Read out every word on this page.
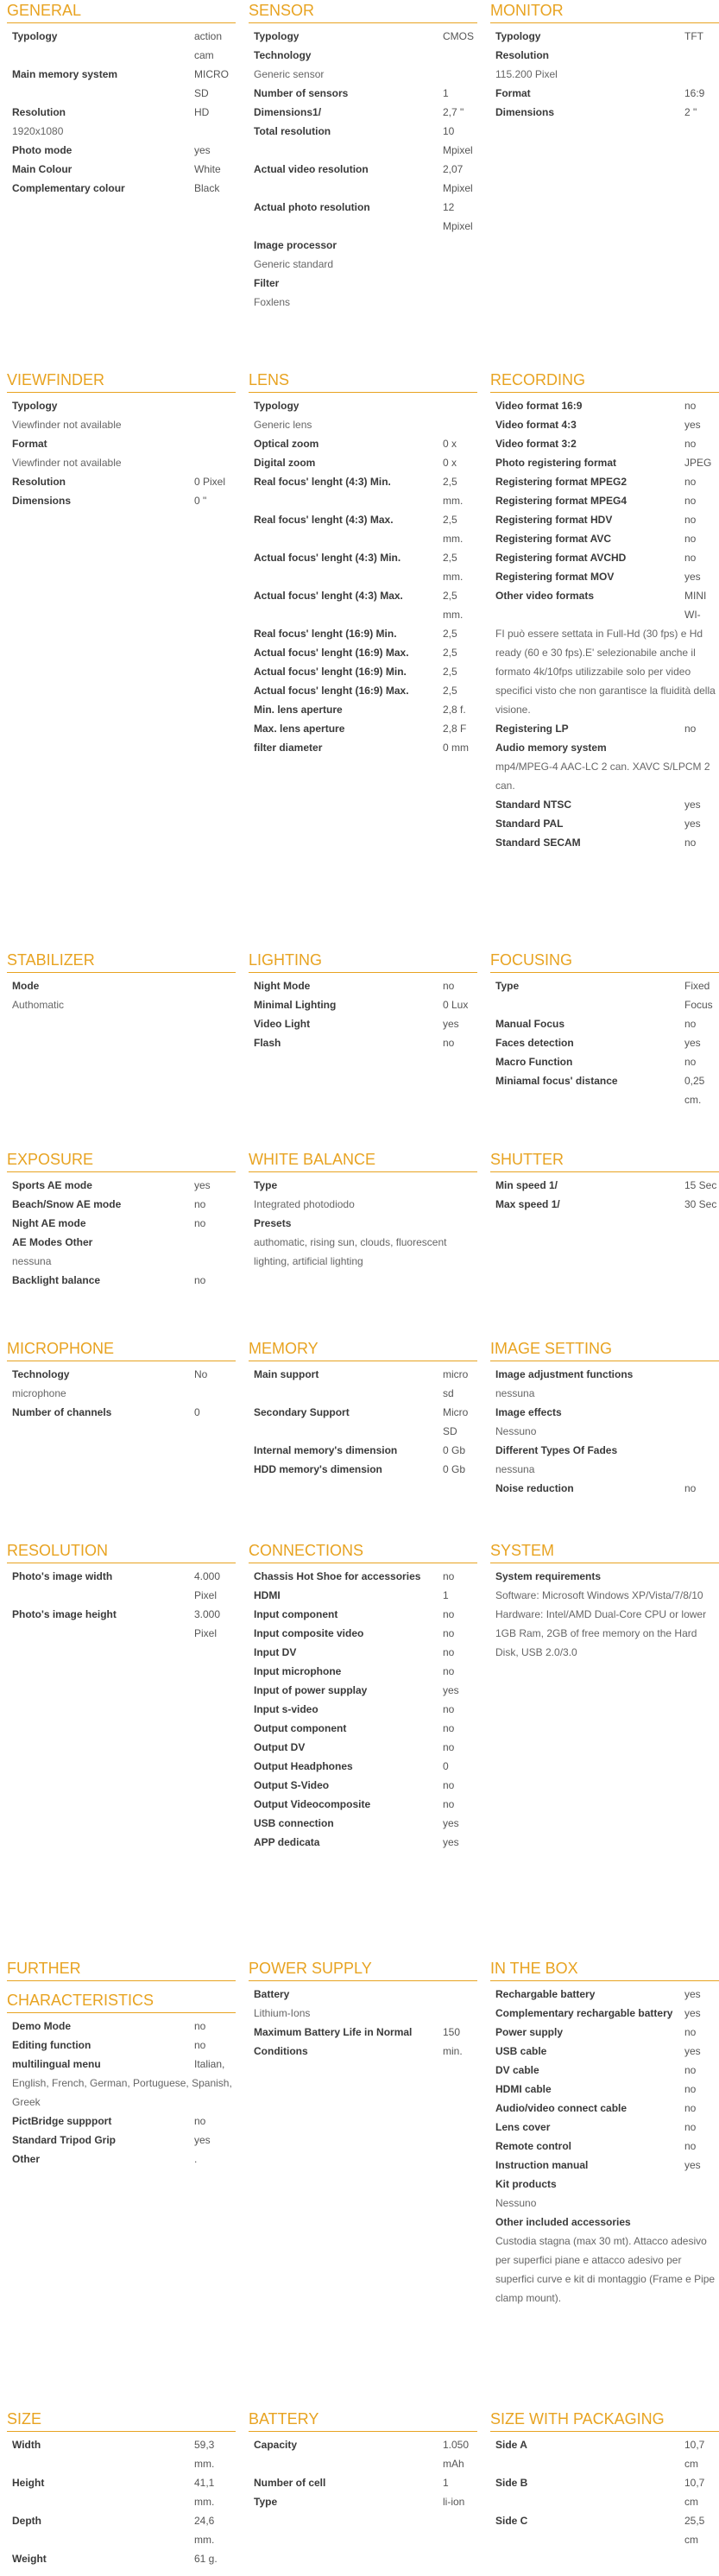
GENERAL
Typology	action cam
Main memory system	MICRO SD
Resolution	HD
1920x1080
Photo mode	yes
Main Colour	White
Complementary colour	Black
SENSOR
Typology	CMOS
Technology
Generic sensor
Number of sensors	1
Dimensions1/	2,7 "
Total resolution	10 Mpixel
Actual video resolution	2,07 Mpixel
Actual photo resolution	12 Mpixel
Image processor
Generic standard
Filter
Foxlens
MONITOR
Typology	TFT
Resolution
115.200 Pixel
Format	16:9
Dimensions	2 "
VIEWFINDER
Typology
Viewfinder not available
Format
Viewfinder not available
Resolution	0 Pixel
Dimensions	0 "
LENS
Typology
Generic lens
Optical zoom	0 x
Digital zoom	0 x
Real focus' lenght (4:3) Min.	2,5 mm.
Real focus' lenght (4:3) Max.	2,5 mm.
Actual focus' lenght (4:3) Min.	2,5 mm.
Actual focus' lenght (4:3) Max.	2,5 mm.
Real focus' lenght (16:9) Min.	2,5
Actual focus' lenght (16:9) Max.	2,5
Actual focus' lenght (16:9) Min.	2,5
Actual focus' lenght (16:9) Max.	2,5
Min. lens aperture	2,8 f.
Max. lens aperture	2,8 F
filter diameter	0 mm
RECORDING
Video format 16:9	no
Video format 4:3	yes
Video format 3:2	no
Photo registering format	JPEG
Registering format MPEG2	no
Registering format MPEG4	no
Registering format HDV	no
Registering format AVC	no
Registering format AVCHD	no
Registering format MOV	yes
Other video formats	MINI WI-
FI può essere settata in Full-Hd (30 fps) e Hd ready (60 e 30 fps).E' selezionabile anche il formato 4k/10fps utilizzabile solo per video specifici visto che non garantisce la fluidità della visione.
Registering LP	no
Audio memory system
mp4/MPEG-4 AAC-LC 2 can. XAVC S/LPCM 2 can.
Standard NTSC	yes
Standard PAL	yes
Standard SECAM	no
STABILIZER
Mode
Authomatic
LIGHTING
Night Mode	no
Minimal Lighting	0 Lux
Video Light	yes
Flash	no
FOCUSING
Type	Fixed Focus
Manual Focus	no
Faces detection	yes
Macro Function	no
Miniamal focus' distance	0,25 cm.
EXPOSURE
Sports AE mode	yes
Beach/Snow AE mode	no
Night AE mode	no
AE Modes Other
nessuna
Backlight balance	no
WHITE BALANCE
Type
Integrated photodiodo
Presets
authomatic, rising sun, clouds, fluorescent lighting, artificial lighting
SHUTTER
Min speed 1/	15 Sec
Max speed 1/	30 Sec
MICROPHONE
Technology	No
microphone
Number of channels	0
MEMORY
Main support	micro sd
Secondary Support	Micro SD
Internal memory's dimension	0 Gb
HDD memory's dimension	0 Gb
IMAGE SETTING
Image adjustment functions
nessuna
Image effects
Nessuno
Different Types Of Fades
nessuna
Noise reduction	no
RESOLUTION
Photo's image width	4.000 Pixel
Photo's image height	3.000 Pixel
CONNECTIONS
Chassis Hot Shoe for accessories	no
HDMI	1
Input component	no
Input composite video	no
Input DV	no
Input microphone	no
Input of power supplay	yes
Input s-video	no
Output component	no
Output DV	no
Output Headphones	0
Output S-Video	no
Output Videocomposite	no
USB connection	yes
APP dedicata	yes
SYSTEM
System requirements
Software: Microsoft Windows XP/Vista/7/8/10
Hardware: Intel/AMD Dual-Core CPU or lower 1GB Ram, 2GB of free memory on the Hard Disk, USB 2.0/3.0
FURTHER
CHARACTERISTICS
Demo Mode	no
Editing function	no
multilingual menu	Italian,
English, French, German, Portuguese, Spanish, Greek
PictBridge suppport	no
Standard Tripod Grip	yes
Other	.
POWER SUPPLY
Battery
Lithium-Ions
Maximum Battery Life in Normal Conditions
150 min.
IN THE BOX
Rechargable battery	yes
Complementary rechargable battery	yes
Power supply	no
USB cable	yes
DV cable	no
HDMI cable	no
Audio/video connect cable	no
Lens cover	no
Remote control	no
Instruction manual	yes
Kit products
Nessuno
Other included accessories
Custodia stagna (max 30 mt). Attacco adesivo per superfici piane e attacco adesivo per superfici curve e kit di montaggio (Frame e Pipe clamp mount).
SIZE
Width	59,3 mm.
Height	41,1 mm.
Depth	24,6 mm.
Weight	61 g.
BATTERY
Capacity	1.050 mAh
Number of cell	1
Type	li-ion
SIZE WITH PACKAGING
Side A	10,7 cm
Side B	10,7 cm
Side C	25,5 cm
